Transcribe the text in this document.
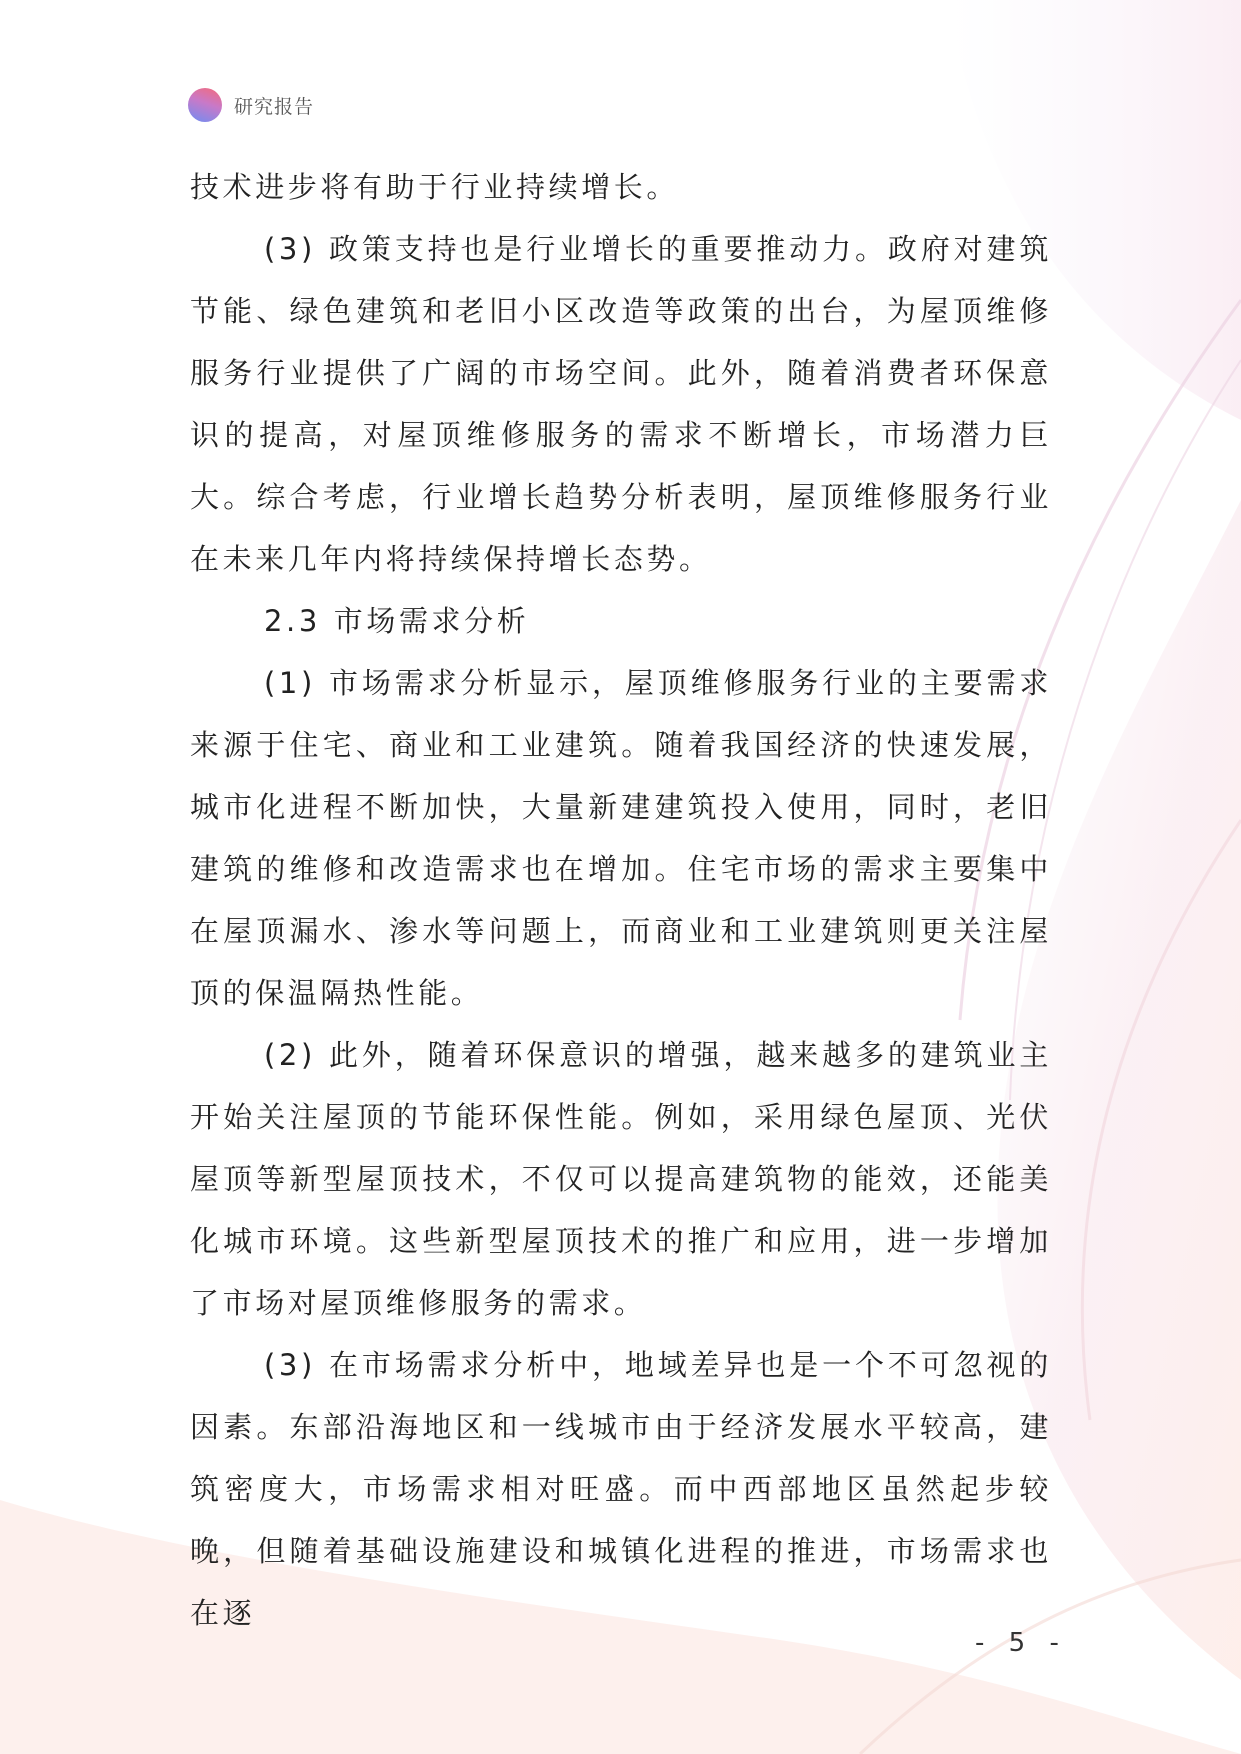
研究报告

技术进步将有助于行业持续增长。

(3) 政策支持也是行业增长的重要推动力。政府对建筑节能、绿色建筑和老旧小区改造等政策的出台，为屋顶维修服务行业提供了广阔的市场空间。此外，随着消费者环保意识的提高，对屋顶维修服务的需求不断增长，市场潜力巨大。综合考虑，行业增长趋势分析表明，屋顶维修服务行业在未来几年内将持续保持增长态势。

2.3 市场需求分析

(1) 市场需求分析显示，屋顶维修服务行业的主要需求来源于住宅、商业和工业建筑。随着我国经济的快速发展，城市化进程不断加快，大量新建建筑投入使用，同时，老旧建筑的维修和改造需求也在增加。住宅市场的需求主要集中在屋顶漏水、渗水等问题上，而商业和工业建筑则更关注屋顶的保温隔热性能。

(2) 此外，随着环保意识的增强，越来越多的建筑业主开始关注屋顶的节能环保性能。例如，采用绿色屋顶、光伏屋顶等新型屋顶技术，不仅可以提高建筑物的能效，还能美化城市环境。这些新型屋顶技术的推广和应用，进一步增加了市场对屋顶维修服务的需求。

(3) 在市场需求分析中，地域差异也是一个不可忽视的因素。东部沿海地区和一线城市由于经济发展水平较高，建筑密度大，市场需求相对旺盛。而中西部地区虽然起步较晚，但随着基础设施建设和城镇化进程的推进，市场需求也在逐

- 5 -
